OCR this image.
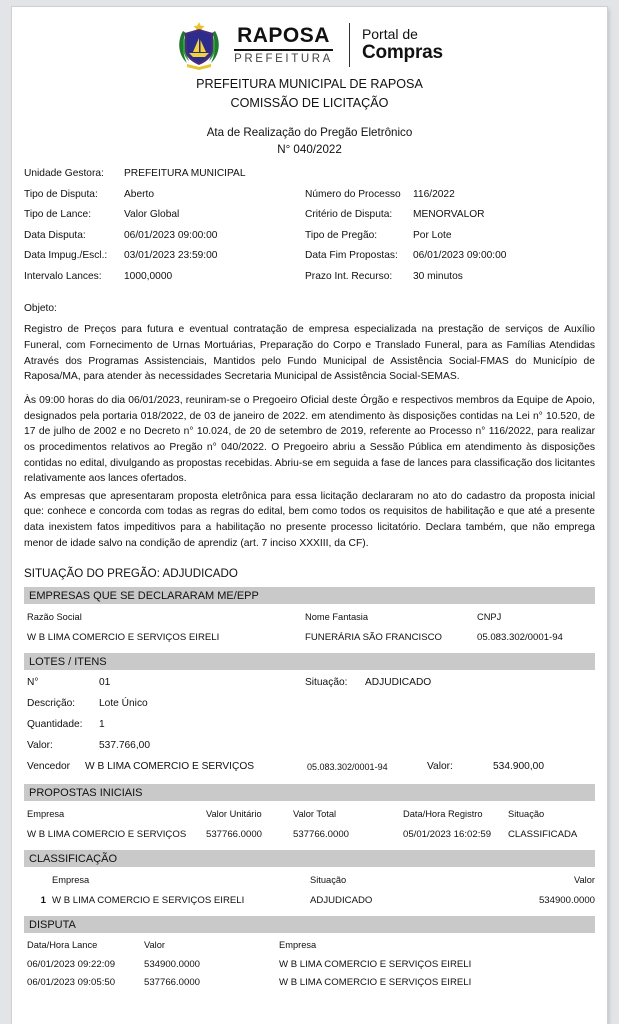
RAPOSA
PREFEITURA
Portal de
Compras
PREFEITURA MUNICIPAL DE RAPOSA
COMISSÃO DE LICITAÇÃO
Ata de Realização do Pregão Eletrônico
N° 040/2022
Unidade Gestora:	PREFEITURA MUNICIPAL
Tipo de Disputa:	Aberto	Número do Processo	116/2022
Tipo de Lance:	Valor Global	Critério de Disputa:	MENORVALOR
Data Disputa:	06/01/2023 09:00:00	Tipo de Pregão:	Por Lote
Data Impug./Escl.:	03/01/2023 23:59:00	Data Fim Propostas:	06/01/2023 09:00:00
Intervalo Lances:	1000,0000	Prazo Int. Recurso:	30 minutos
Objeto:
Registro de Preços para futura e eventual contratação de empresa especializada na prestação de serviços de Auxílio Funeral, com Fornecimento de Urnas Mortuárias, Preparação do Corpo e Translado Funeral, para as Famílias Atendidas Através dos Programas Assistenciais, Mantidos pelo Fundo Municipal de Assistência Social-FMAS do Município de Raposa/MA, para atender às necessidades Secretaria Municipal de Assistência Social-SEMAS.
Às 09:00 horas do dia 06/01/2023, reuniram-se o Pregoeiro Oficial deste Órgão e respectivos membros da Equipe de Apoio, designados pela portaria 018/2022, de 03 de janeiro de 2022. em atendimento às disposições contidas na Lei n° 10.520, de 17 de julho de 2002 e no Decreto n° 10.024, de 20 de setembro de 2019, referente ao Processo n° 116/2022, para realizar os procedimentos relativos ao Pregão n° 040/2022. O Pregoeiro abriu a Sessão Pública em atendimento às disposições contidas no edital, divulgando as propostas recebidas. Abriu-se em seguida a fase de lances para classificação dos licitantes relativamente aos lances ofertados.
As empresas que apresentaram proposta eletrônica para essa licitação declararam no ato do cadastro da proposta inicial que: conhece e concorda com todas as regras do edital, bem como todos os requisitos de habilitação e que até a presente data inexistem fatos impeditivos para a habilitação no presente processo licitatório. Declara também, que não emprega menor de idade salvo na condição de aprendiz (art. 7 inciso XXXIII, da CF).
SITUAÇÃO DO PREGÃO: ADJUDICADO
EMPRESAS QUE SE DECLARARAM ME/EPP
Razão Social	Nome Fantasia	CNPJ
W B LIMA COMERCIO E SERVIÇOS EIRELI	FUNERÁRIA SÃO FRANCISCO	05.083.302/0001-94
LOTES / ITENS
N°	01	Situação:	ADJUDICADO
Descrição:	Lote Único
Quantidade:	1
Valor:	537.766,00
Vencedor	W B LIMA COMERCIO E SERVIÇOS	05.083.302/0001-94	Valor:	534.900,00
PROPOSTAS INICIAIS
Empresa	Valor Unitário	Valor Total	Data/Hora Registro	Situação
W B LIMA COMERCIO E SERVIÇOS	537766.0000	537766.0000	05/01/2023 16:02:59	CLASSIFICADA
CLASSIFICAÇÃO
Empresa	Situação	Valor
1 W B LIMA COMERCIO E SERVIÇOS EIRELI	ADJUDICADO	534900.0000
DISPUTA
Data/Hora Lance	Valor	Empresa
06/01/2023 09:22:09	534900.0000	W B LIMA COMERCIO E SERVIÇOS EIRELI
06/01/2023 09:05:50	537766.0000	W B LIMA COMERCIO E SERVIÇOS EIRELI
